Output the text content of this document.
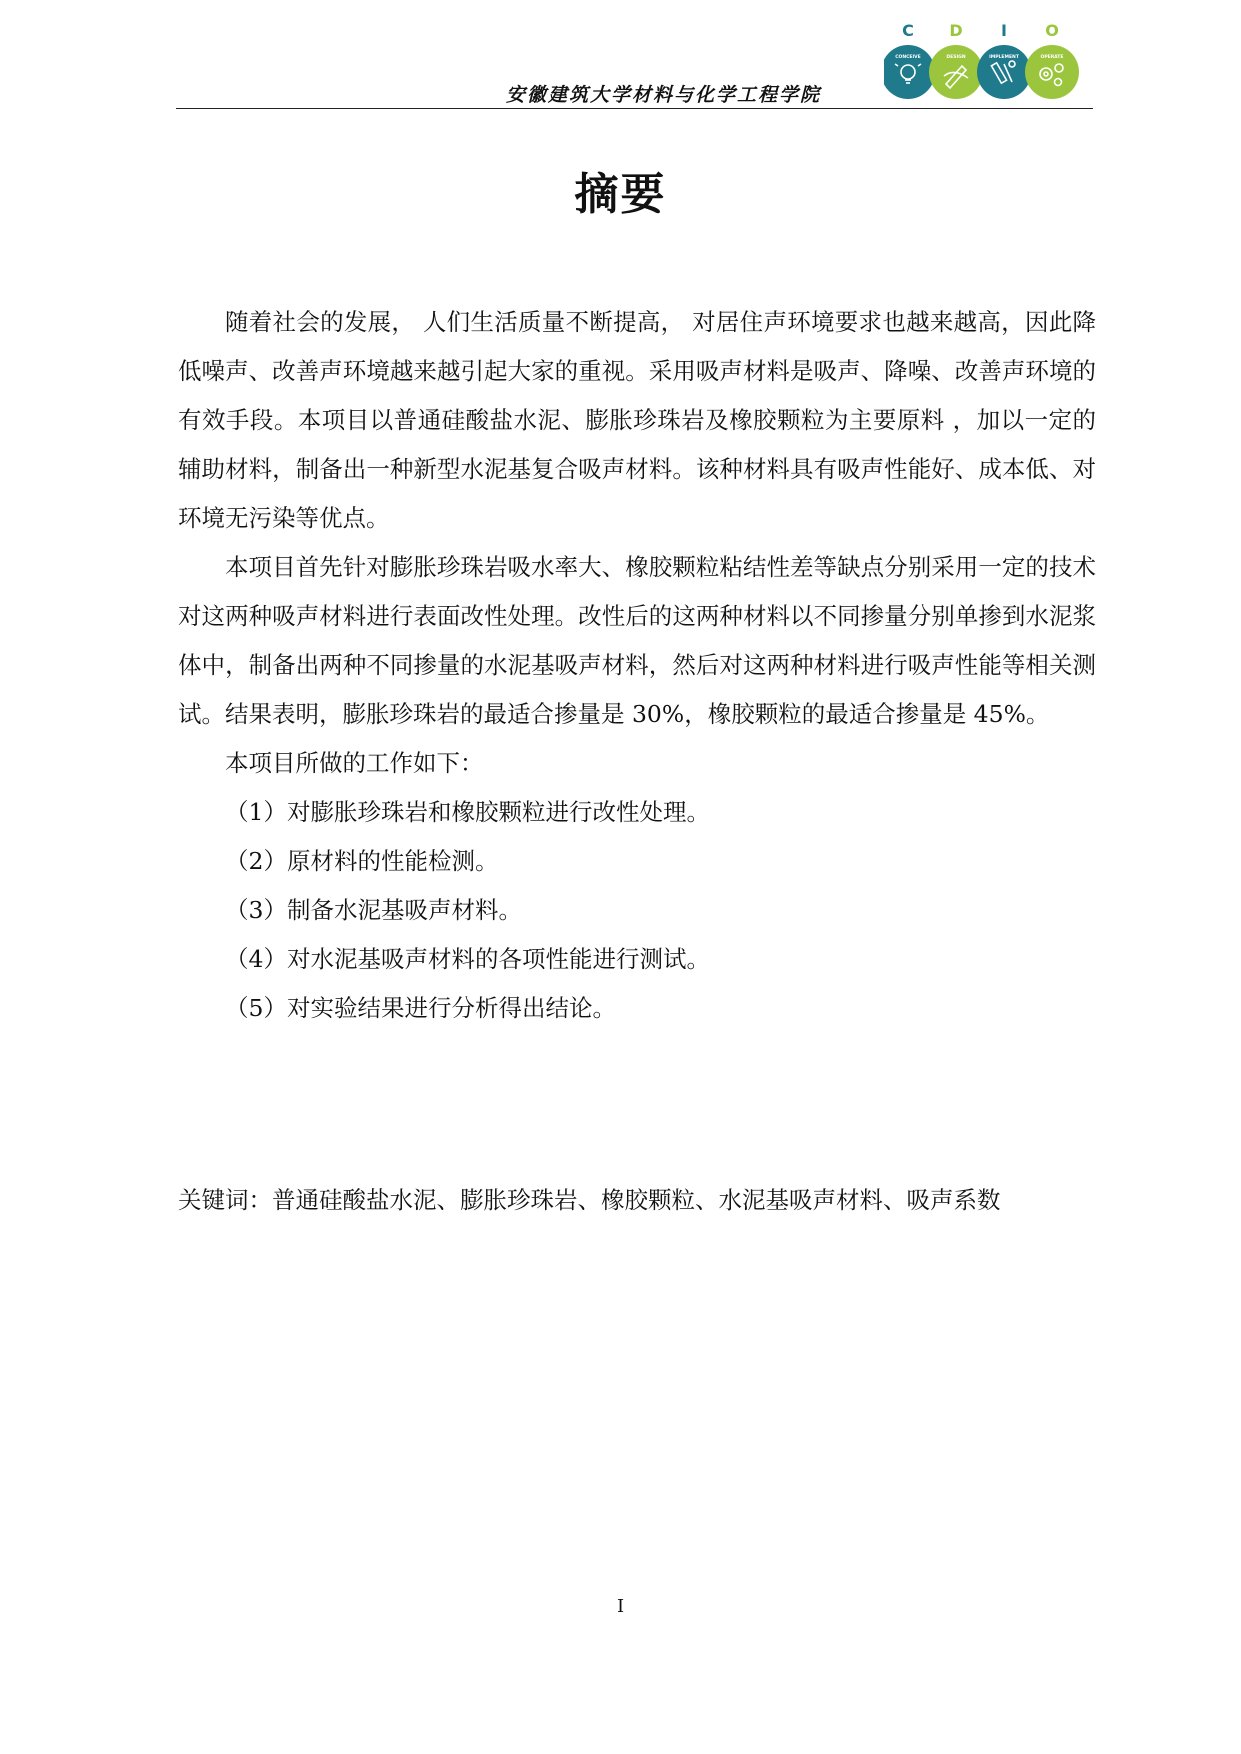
安徽建筑大学材料与化学工程学院
C D I O
CONCEIVE	DESIGN	IMPLEMENT	OPERATE
摘要

随着社会的发展， 人们生活质量不断提高， 对居住声环境要求也越来越高，因此降低噪声、改善声环境越来越引起大家的重视。采用吸声材料是吸声、降噪、改善声环境的有效手段。本项目以普通硅酸盐水泥、膨胀珍珠岩及橡胶颗粒为主要原料 ，加以一定的辅助材料，制备出一种新型水泥基复合吸声材料。该种材料具有吸声性能好、成本低、对环境无污染等优点。

本项目首先针对膨胀珍珠岩吸水率大、橡胶颗粒粘结性差等缺点分别采用一定的技术对这两种吸声材料进行表面改性处理。改性后的这两种材料以不同掺量分别单掺到水泥浆体中，制备出两种不同掺量的水泥基吸声材料，然后对这两种材料进行吸声性能等相关测试。结果表明，膨胀珍珠岩的最适合掺量是 30%，橡胶颗粒的最适合掺量是 45%。

本项目所做的工作如下：

（1）对膨胀珍珠岩和橡胶颗粒进行改性处理。

（2）原材料的性能检测。

（3）制备水泥基吸声材料。

（4）对水泥基吸声材料的各项性能进行测试。

（5）对实验结果进行分析得出结论。

关键词：普通硅酸盐水泥、膨胀珍珠岩、橡胶颗粒、水泥基吸声材料、吸声系数
I
